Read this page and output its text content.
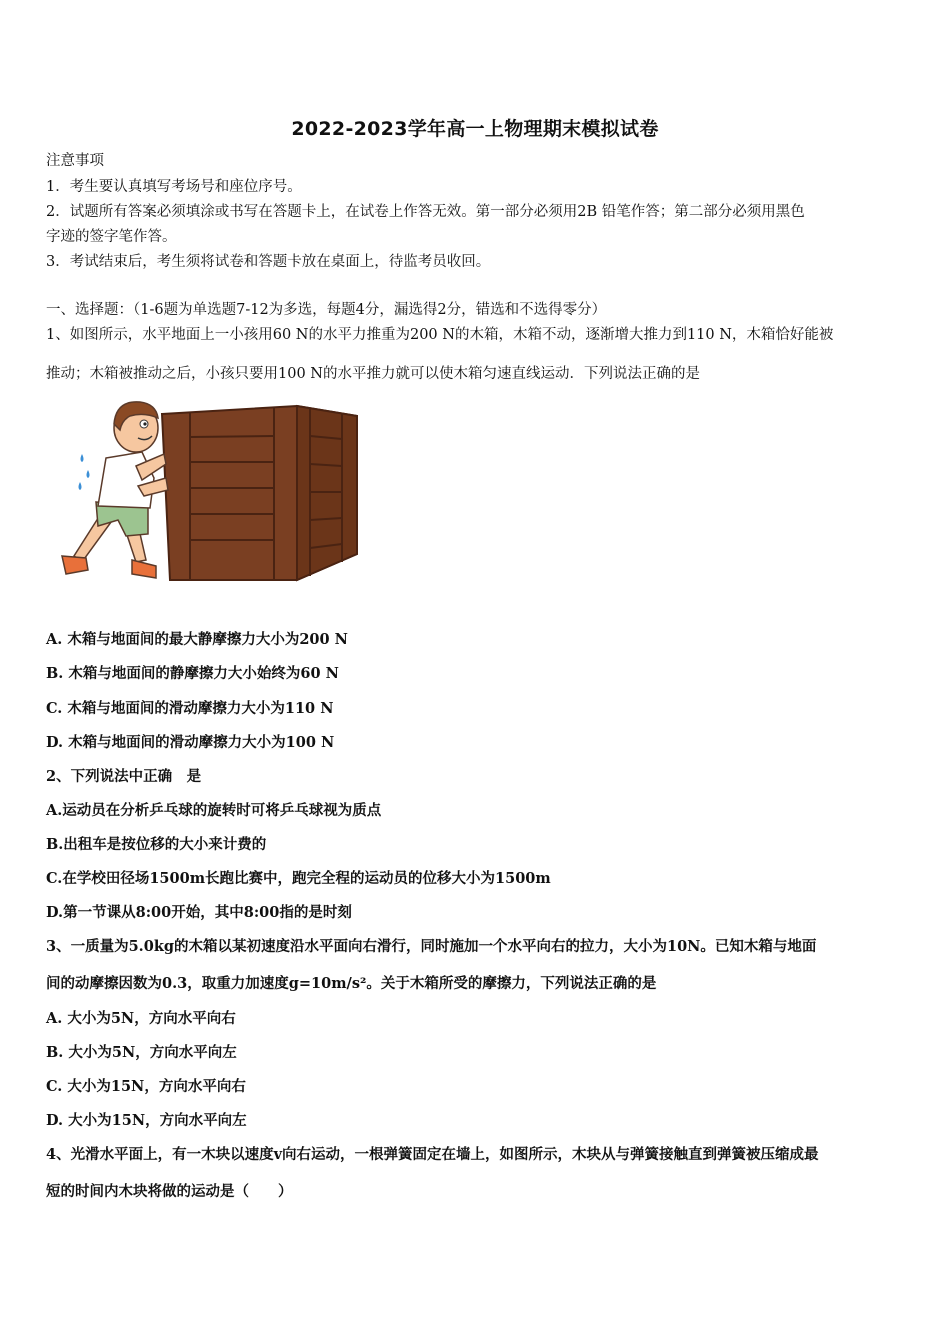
2022-2023学年高一上物理期末模拟试卷
注意事项
1．考生要认真填写考场号和座位序号。
2．试题所有答案必须填涂或书写在答题卡上，在试卷上作答无效。第一部分必须用2B 铅笔作答；第二部分必须用黑色
字迹的签字笔作答。
3．考试结束后，考生须将试卷和答题卡放在桌面上，待监考员收回。
一、选择题：（1-6题为单选题7-12为多选，每题4分，漏选得2分，错选和不选得零分）
1、如图所示，水平地面上一小孩用60 N的水平力推重为200 N的木箱，木箱不动，逐渐增大推力到110 N，木箱恰好能被
推动；木箱被推动之后，小孩只要用100 N的水平推力就可以使木箱匀速直线运动．下列说法正确的是
A. 木箱与地面间的最大静摩擦力大小为200 N
B. 木箱与地面间的静摩擦力大小始终为60 N
C. 木箱与地面间的滑动摩擦力大小为110 N
D. 木箱与地面间的滑动摩擦力大小为100 N
2、下列说法中正确　是
A.运动员在分析乒乓球的旋转时可将乒乓球视为质点
B.出租车是按位移的大小来计费的
C.在学校田径场1500m长跑比赛中，跑完全程的运动员的位移大小为1500m
D.第一节课从8:00开始，其中8:00指的是时刻
3、一质量为5.0kg的木箱以某初速度沿水平面向右滑行，同时施加一个水平向右的拉力，大小为10N。已知木箱与地面
间的动摩擦因数为0.3，取重力加速度g=10m/s²。关于木箱所受的摩擦力，下列说法正确的是
A. 大小为5N，方向水平向右
B. 大小为5N，方向水平向左
C. 大小为15N，方向水平向右
D. 大小为15N，方向水平向左
4、光滑水平面上，有一木块以速度v向右运动，一根弹簧固定在墙上，如图所示，木块从与弹簧接触直到弹簧被压缩成最
短的时间内木块将做的运动是（　　）
